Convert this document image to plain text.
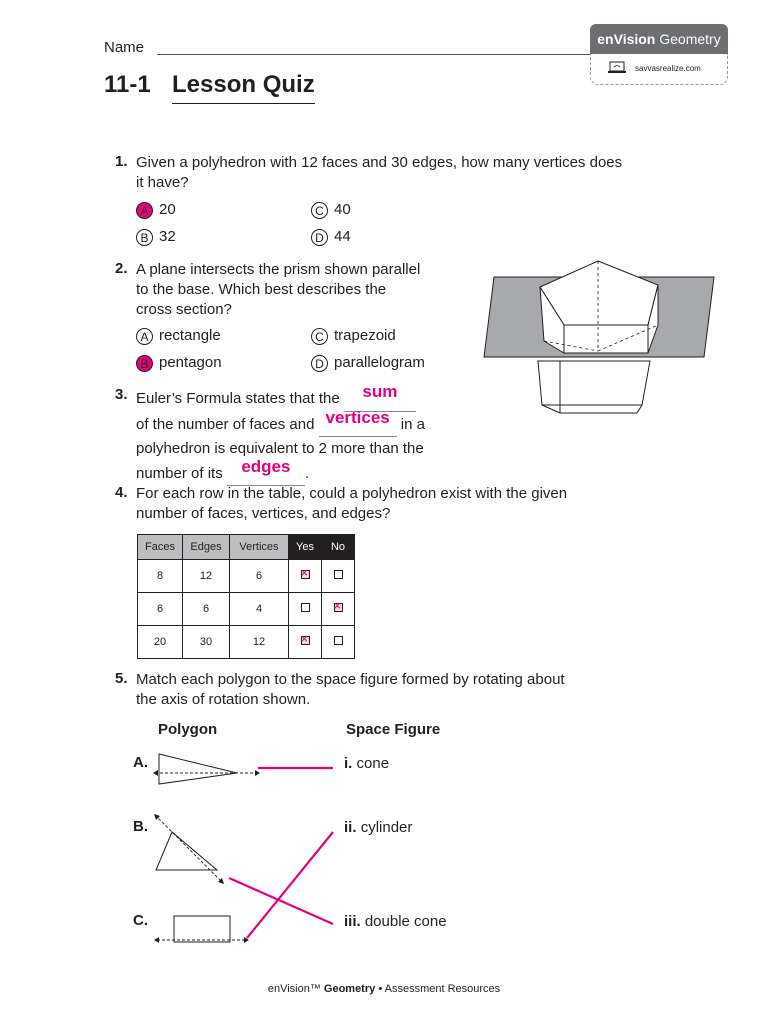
Name	enVision Geometry
savvasrealize.com
11-1 Lesson Quiz
1. Given a polyhedron with 12 faces and 30 edges, how many vertices does
it have?
A 20
B 32
C 40
D 44
2. A plane intersects the prism shown parallel
to the base. Which best describes the
cross section?
A rectangle
B pentagon
C trapezoid
D parallelogram
3. Euler’s Formula states that the sum
of the number of faces and vertices in a
polyhedron is equivalent to 2 more than the
number of its edges .
4. For each row in the table, could a polyhedron exist with the given
number of faces, vertices, and edges?
Faces	Edges	Vertices	Yes	No
8	12	6	×	
6	6	4		×
20	30	12	×	
5. Match each polygon to the space figure formed by rotating about
the axis of rotation shown.
Polygon	Space Figure
A.
B.
C.
i. cone
ii. cylinder
iii. double cone
enVision™ Geometry • Assessment Resources
